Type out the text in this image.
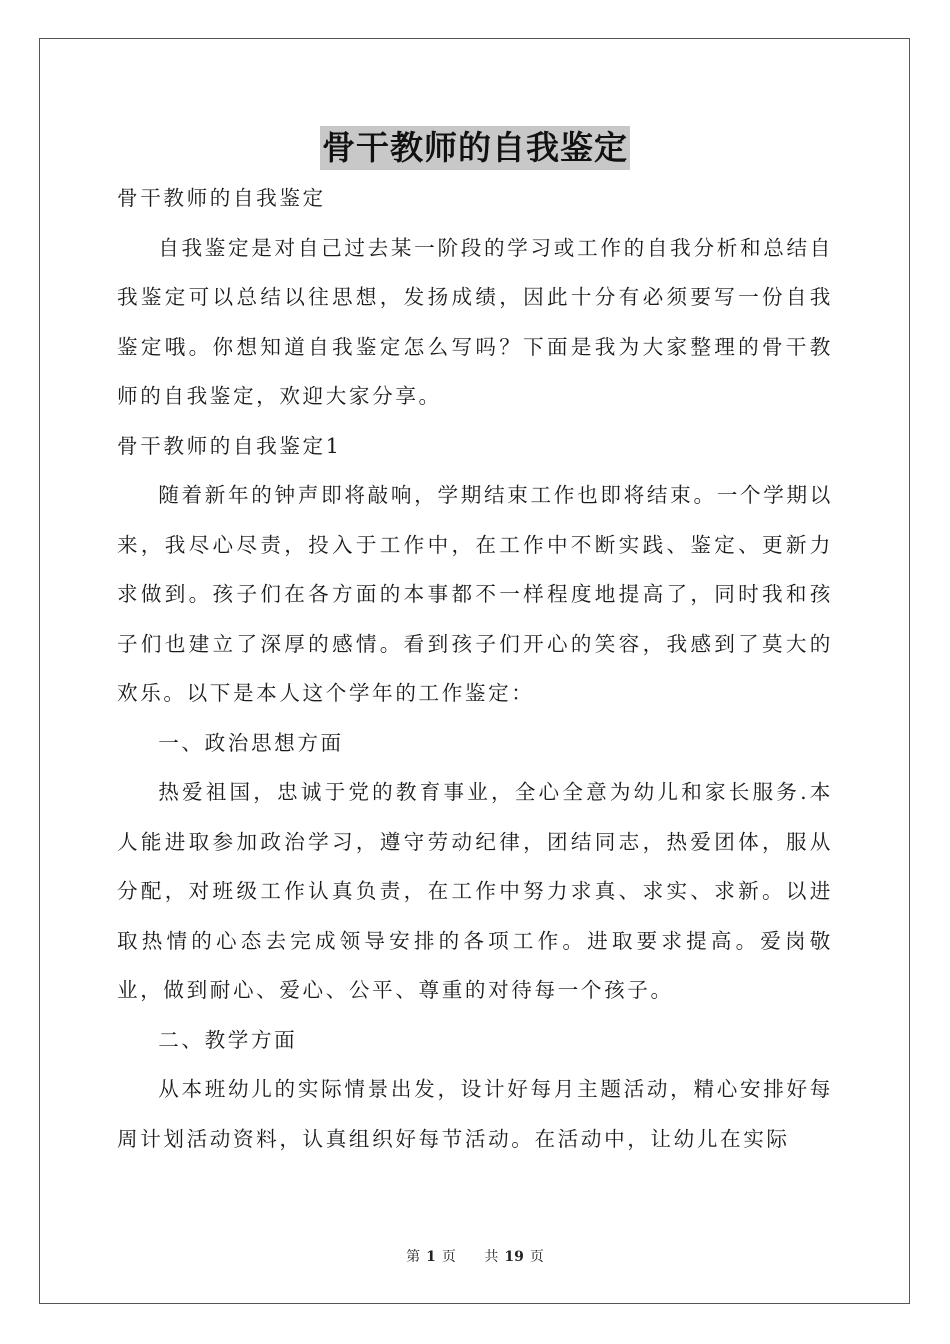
骨干教师的自我鉴定

骨干教师的自我鉴定

自我鉴定是对自己过去某一阶段的学习或工作的自我分析和总结自我鉴定可以总结以往思想，发扬成绩，因此十分有必须要写一份自我鉴定哦。你想知道自我鉴定怎么写吗？下面是我为大家整理的骨干教师的自我鉴定，欢迎大家分享。

骨干教师的自我鉴定1

随着新年的钟声即将敲响，学期结束工作也即将结束。一个学期以来，我尽心尽责，投入于工作中，在工作中不断实践、鉴定、更新力求做到。孩子们在各方面的本事都不一样程度地提高了，同时我和孩子们也建立了深厚的感情。看到孩子们开心的笑容，我感到了莫大的欢乐。以下是本人这个学年的工作鉴定：

一、政治思想方面

热爱祖国，忠诚于党的教育事业，全心全意为幼儿和家长服务.本人能进取参加政治学习，遵守劳动纪律，团结同志，热爱团体，服从分配，对班级工作认真负责，在工作中努力求真、求实、求新。以进取热情的心态去完成领导安排的各项工作。进取要求提高。爱岗敬业，做到耐心、爱心、公平、尊重的对待每一个孩子。

二、教学方面

从本班幼儿的实际情景出发，设计好每月主题活动，精心安排好每周计划活动资料，认真组织好每节活动。在活动中，让幼儿在实际

第 1 页 共 19 页
